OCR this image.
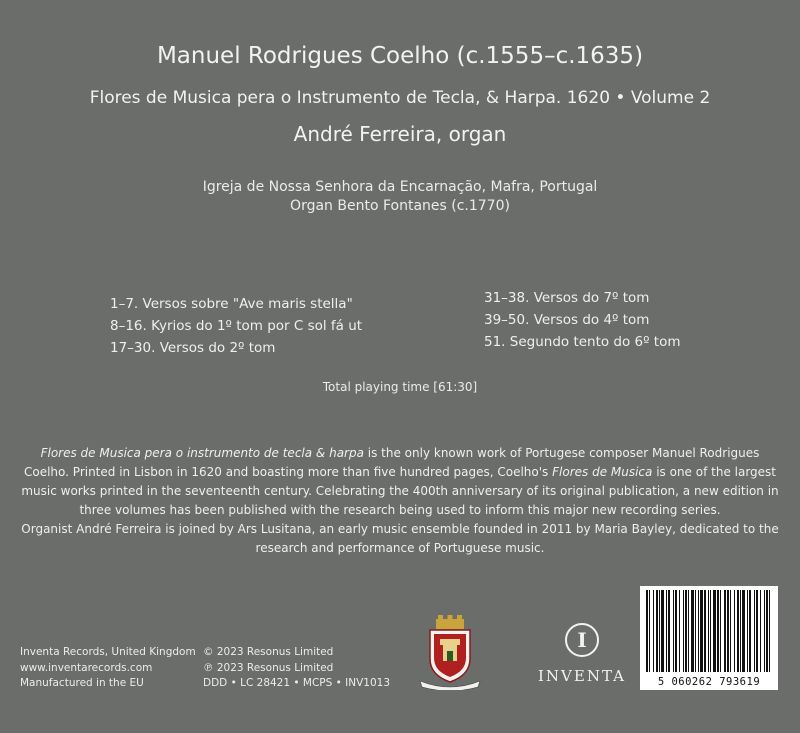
Manuel Rodrigues Coelho (c.1555–c.1635)
Flores de Musica pera o Instrumento de Tecla, & Harpa. 1620 • Volume 2
André Ferreira, organ
Igreja de Nossa Senhora da Encarnação, Mafra, Portugal
Organ Bento Fontanes (c.1770)
1–7. Versos sobre "Ave maris stella"
8–16. Kyrios do 1º tom por C sol fá ut
17–30. Versos do 2º tom
31–38. Versos do 7º tom
39–50. Versos do 4º tom
51. Segundo tento do 6º tom
Total playing time [61:30]
Flores de Musica pera o instrumento de tecla & harpa is the only known work of Portugese composer Manuel Rodrigues Coelho. Printed in Lisbon in 1620 and boasting more than five hundred pages, Coelho's Flores de Musica is one of the largest music works printed in the seventeenth century. Celebrating the 400th anniversary of its original publication, a new edition in three volumes has been published with the research being used to inform this major new recording series.
Organist André Ferreira is joined by Ars Lusitana, an early music ensemble founded in 2011 by Maria Bayley, dedicated to the research and performance of Portuguese music.
Inventa Records, United Kingdom
www.inventarecords.com
Manufactured in the EU
© 2023 Resonus Limited
℗ 2023 Resonus Limited
DDD • LC 28421 • MCPS • INV1013
I
INVENTA	5 060262 793619
